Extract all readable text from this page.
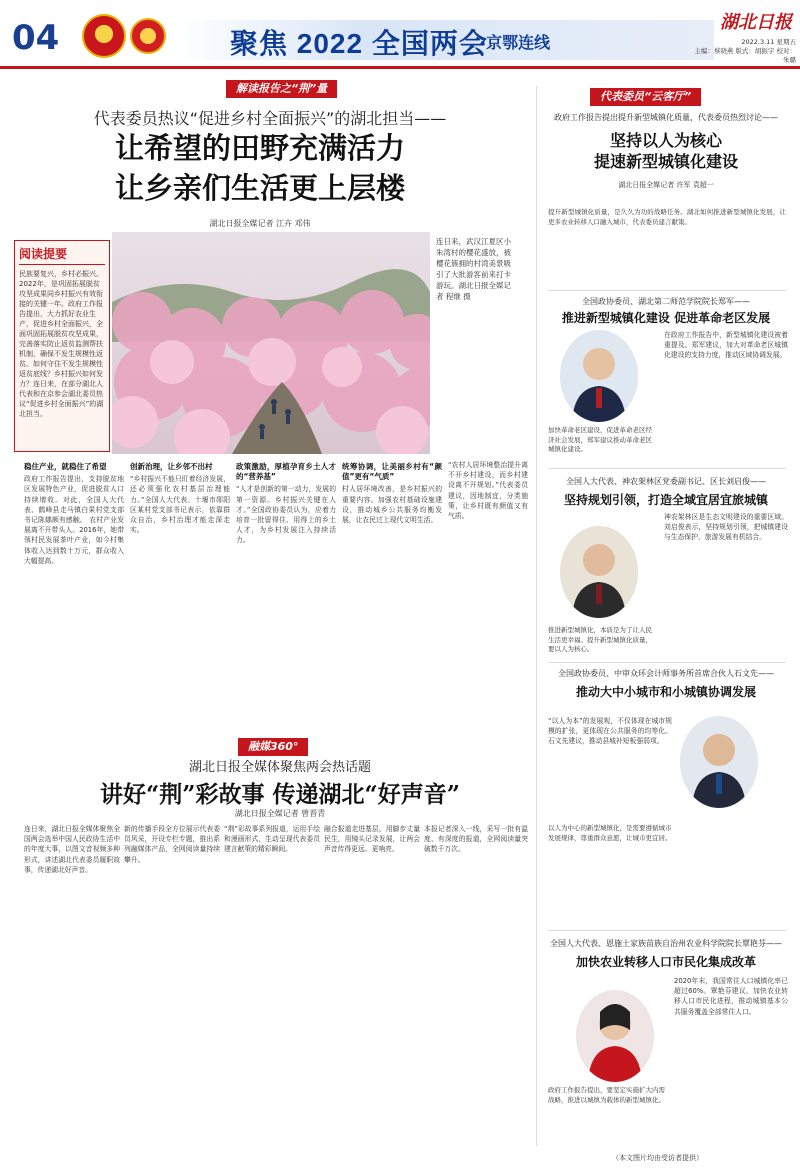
04	聚焦 2022 全国两会
·京鄂连线
湖北日报
2022.3.11 星期五
主编：蔡晓燕 版式：胡振宇 校对：朱璐
解读报告之“荆”量
代表委员热议“促进乡村全面振兴”的湖北担当——
让希望的田野充满活力
让乡亲们生活更上层楼
湖北日报全媒记者 江卉 邓伟
阅读提要
民族要复兴，乡村必振兴。2022年，是巩固拓展脱贫攻坚成果同乡村振兴有效衔接的关键一年。政府工作报告提出，大力抓好农业生产，促进乡村全面振兴，全面巩固拓展脱贫攻坚成果，完善落实防止返贫监测帮扶机制，确保不发生规模性返贫。如何守住不发生规模性返贫底线？乡村振兴如何发力？连日来，在部分湖北人代表和在京参会湖北委员热议“促进乡村全面振兴”的湖北担当。
连日来，武汉江夏区小朱湾村的樱花盛放，被樱花簇拥的村湾美景吸引了大批游客前来打卡游玩。湖北日报全媒记者 程继 摄
稳住产业，就稳住了希望
政府工作报告提出，支持脱贫地区发展特色产业，促进脱贫人口持续增收。对此，全国人大代表、鹤峰县走马镇白果村党支部书记陈娜颇有感触。 农村产业发展离不开带头人。2016年，她带领村民发展茶叶产业，如今村集体收入达到数十万元，群众收入大幅提高。
创新治理，让乡邻不出村
“乡村振兴不能只盯着经济发展，还必须强化农村基层治理能力。”全国人大代表、十堰市郧阳区某村党支部书记表示，依靠群众自治，乡村治理才能走深走实。
政策激励，厚植孕育乡土人才的“营养基”
“人才是创新的第一动力，发展的第一资源。乡村振兴关键在人才。”全国政协委员认为，应着力培育一批留得住、用得上的乡土人才，为乡村发展注入持续活力。
统筹协调，让美丽乡村有“颜值”更有“气质”
村人居环境改善，是乡村振兴的重要内容。加强农村基础设施建设，推动城乡公共服务均衡发展，让农民过上现代文明生活。
“农村人居环境整治提升离不开乡村建设，而乡村建设离不开规划。”代表委员建议，因地制宜，分类施策，让乡村既有颜值又有气质。
融媒360°
湖北日报全媒体聚焦两会热话题
讲好“荆”彩故事 传递湖北“好声音”
湖北日报全媒记者 曾晋青
连日来，湖北日报全媒体聚焦全国两会选举中国人民政协生活中的年度大事，以图文音视频多种形式，讲述湖北代表委员履职故事，传递湖北好声音。
新的传播手段全方位展示代表委员风采，开设专栏专题，推出系列融媒体产品，全网阅读量持续攀升。
“荆”彩故事系列报道，运用手绘和漫画形式，生动呈现代表委员建言献策的精彩瞬间。
融合报道走进基层，用脚步丈量民生，用镜头记录发展，让两会声音传得更远、更响亮。
本报记者深入一线，采写一批有温度、有深度的报道，全网阅读量突破数千万次。
代表委员“云客厅”
政府工作报告提出提升新型城镇化质量，代表委员热烈讨论——
坚持以人为核心
提速新型城镇化建设
湖北日报全媒记者 许军 袁超一
提升新型城镇化质量，是久久为功的战略任务。湖北如何推进新型城镇化发展，让更多农业转移人口融入城市，代表委员建言献策。
全国政协委员、湖北第二师范学院院长郑军——
推进新型城镇化建设 促进革命老区发展
加快革命老区建设，促进革命老区经济社会发展，郑军建议推动革命老区城镇化建设。
在政府工作报告中，新型城镇化建设被着重提及。郑军建议，加大对革命老区城镇化建设的支持力度，推动区域协调发展。
全国人大代表、神农架林区党委副书记、区长刘启俊——
坚持规划引领，打造全域宜居宜旅城镇
推进新型城镇化，本质是为了让人民生活更幸福。提升新型城镇化质量，要以人为核心。
神农架林区是生态文明建设的重要区域。刘启俊表示，坚持规划引领，把城镇建设与生态保护、旅游发展有机结合。
全国政协委员、中审众环会计师事务所首席合伙人石文先——
推动大中小城市和小城镇协调发展
“以人为本”的发展观，不仅体现在城市规模的扩张，更体现在公共服务的均等化。石文先建议，推动县城补短板强弱项。
以人为中心的新型城镇化，是需要遵循城市发展规律，尊重群众意愿，让城市更宜居。
全国人大代表、恩施土家族苗族自治州农业科学院院长覃艳芬——
加快农业转移人口市民化集成改革
政府工作报告提出，要坚定实施扩大内需战略，推进以城镇为载体的新型城镇化。
2020年末，我国常住人口城镇化率已超过60%。覃艳芬建议，加快农业转移人口市民化进程，推动城镇基本公共服务覆盖全部常住人口。
（本文图片均由受访者提供）
